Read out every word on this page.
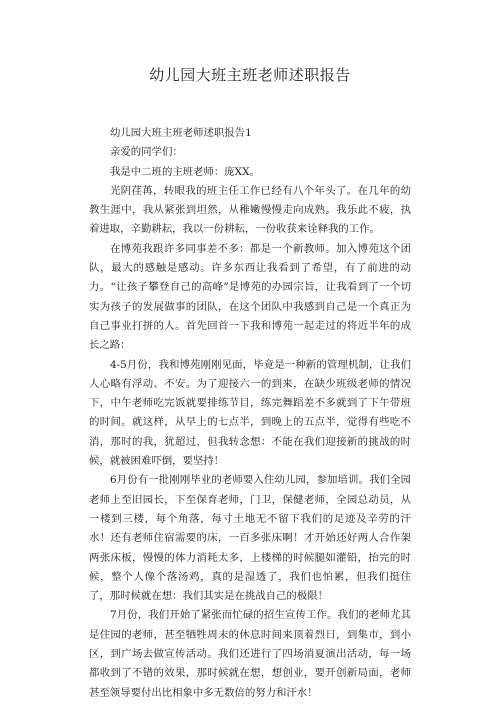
幼儿园大班主班老师述职报告
幼儿园大班主班老师述职报告1
亲爱的同学们：
我是中二班的主班老师：庞XX。
光阴荏苒，转眼我的班主任工作已经有八个年头了。在几年的幼教生涯中，我从紧张到坦然，从稚嫩慢慢走向成熟。我乐此不疲，执着进取，辛勤耕耘，我以一份耕耘，一份收获来诠释我的工作。
在博苑我跟许多同事差不多：都是一个新教师。加入博苑这个团队，最大的感触是感动。许多东西让我看到了希望，有了前进的动力。“让孩子攀登自己的高峰”是博苑的办园宗旨，让我看到了一个切实为孩子的发展做事的团队，在这个团队中我感到自己是一个真正为自己事业打拼的人。首先回首一下我和博苑一起走过的将近半年的成长之路：
4-5月份，我和博苑刚刚见面，毕竟是一种新的管理机制，让我们人心略有浮动、不安。为了迎接六一的到来，在缺少班级老师的情况下，中午老师吃完饭就要排练节目，练完舞蹈差不多就到了下午带班的时间。就这样，从早上的七点半，到晚上的五点半，觉得有些吃不消，那时的我，犹超过，但我转念想：不能在我们迎接新的挑战的时候，就被困难吓倒，要坚持！
6月份有一批刚刚毕业的老师要入住幼儿园，参加培训。我们全园老师上至旧园长，下至保育老师，门卫，保健老师，全园总动员，从一楼到三楼，每个角落，每寸土地无不留下我们的足迹及辛劳的汗水！还有老师住宿需要的床，一百多张床啊！才开始还好两人合作架两张床板，慢慢的体力消耗太多，上楼梯的时候腿如灌铅，抬完的时候，整个人像个落汤鸡，真的是湿透了，我们也怕累，但我们挺住了，那时候就在想：我们其实是在挑战自己的极限！
7月份，我们开始了紧张而忙碌的招生宣传工作。我们的老师尤其是住园的老师，甚至牺牲周末的休息时间来顶着烈日，到集市，到小区，到广场去做宣传活动。我们还进行了四场消夏演出活动，每一场都收到了不错的效果，那时候就在想，想创业，要开创新局面，老师甚至领导要付出比相象中多无数倍的努力和汗水！
